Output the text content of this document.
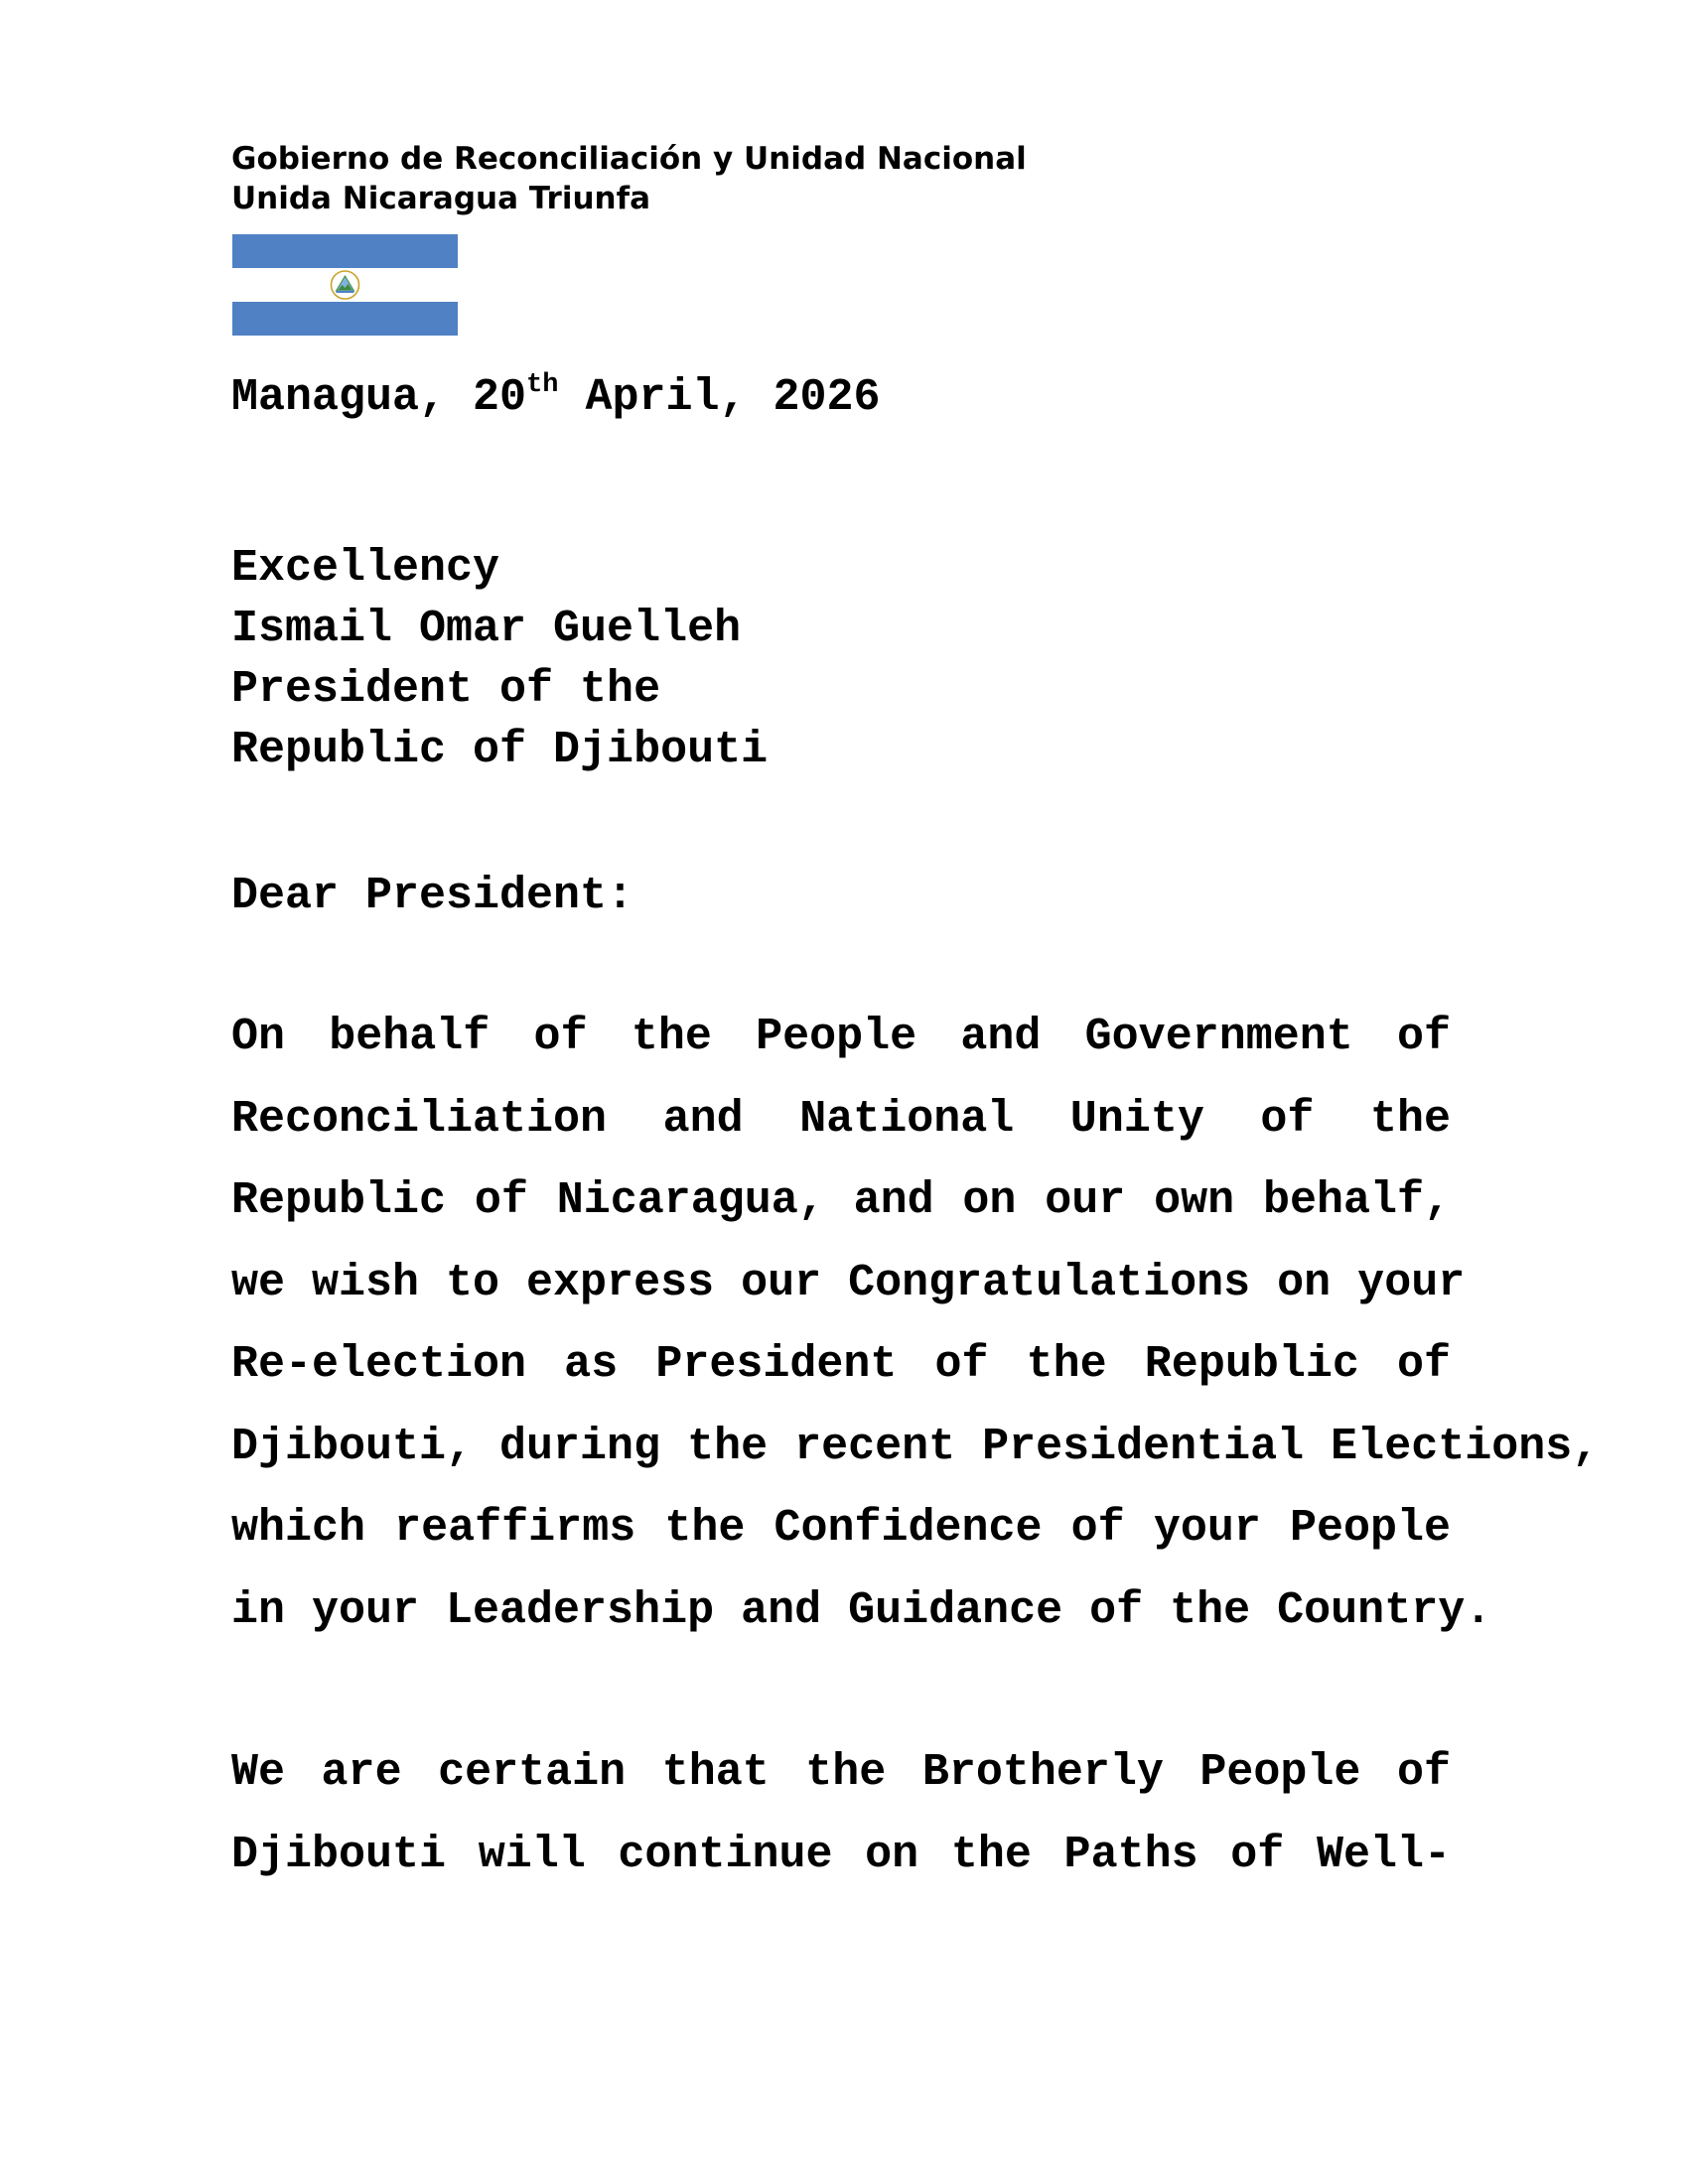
Gobierno de Reconciliación y Unidad Nacional
Unida Nicaragua Triunfa
Managua, 20th April, 2026
Excellency
Ismail Omar Guelleh
President of the
Republic of Djibouti
Dear President:
On behalf of the People and Government of
Reconciliation and National Unity of the
Republic of Nicaragua, and on our own behalf,
we wish to express our Congratulations on your
Re-election as President of the Republic of
Djibouti, during the recent Presidential Elections,
which reaffirms the Confidence of your People
in your Leadership and Guidance of the Country.
We are certain that the Brotherly People of
Djibouti will continue on the Paths of Well-
